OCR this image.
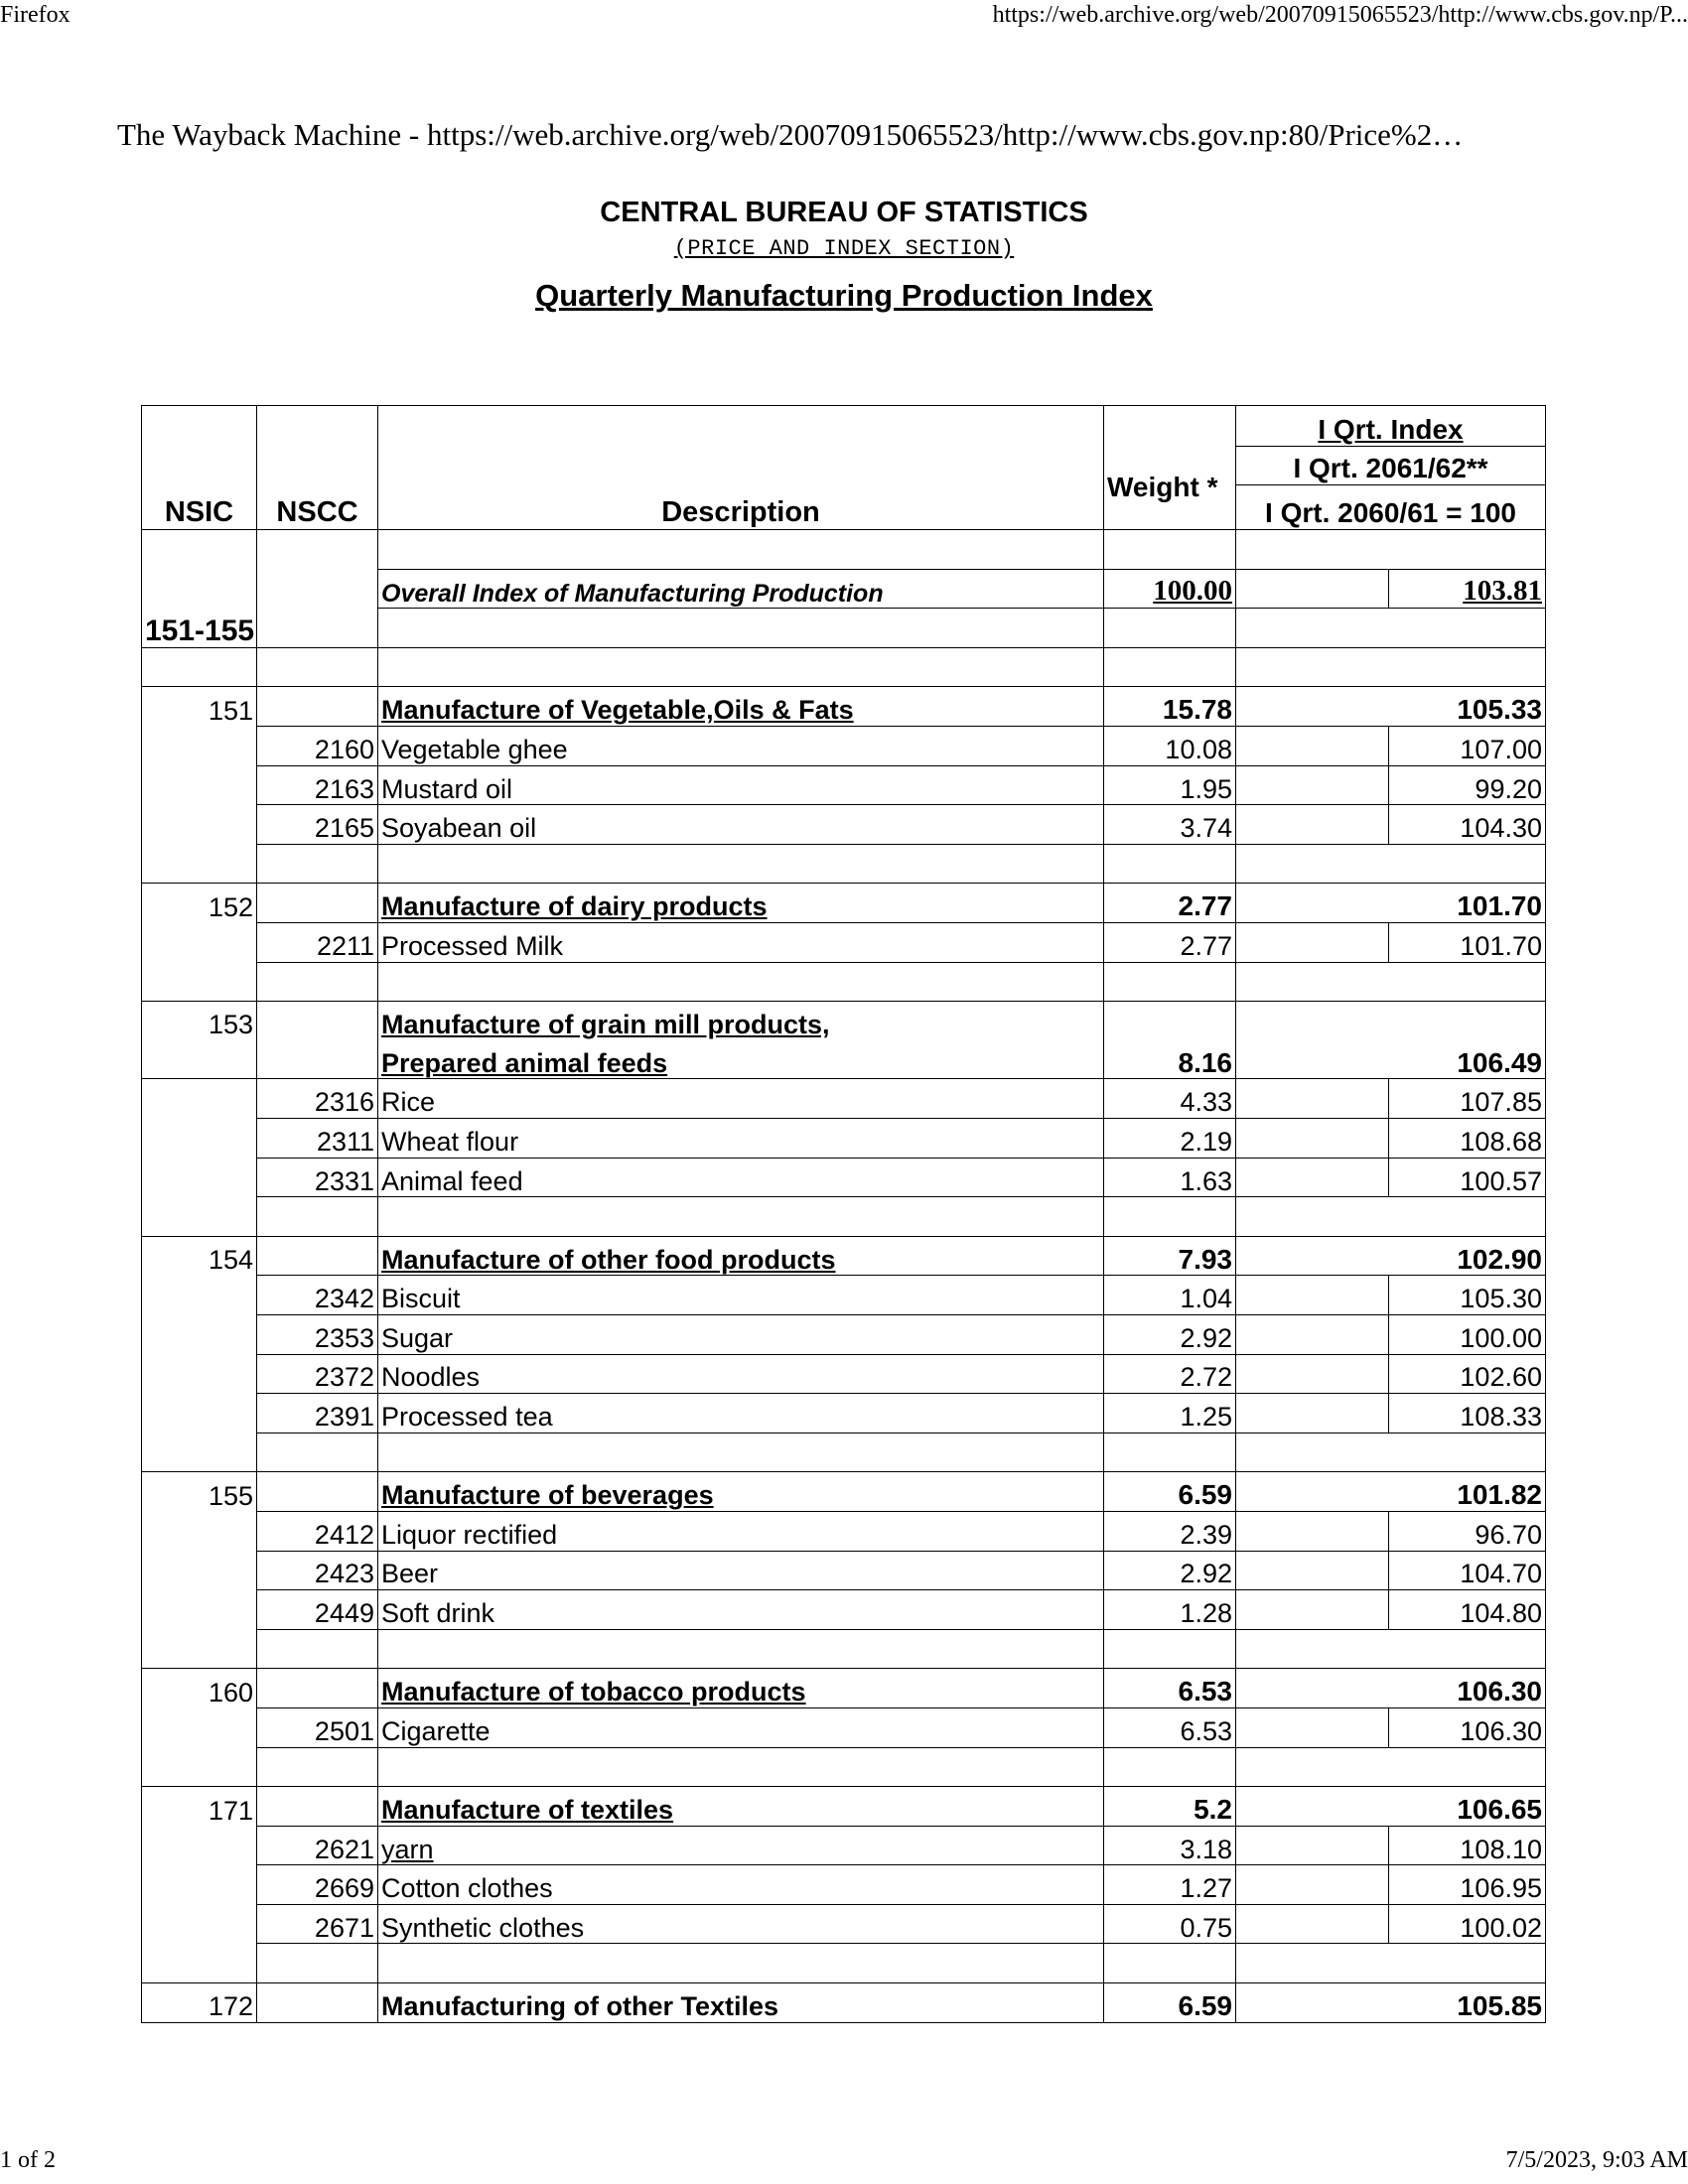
Firefox	https://web.archive.org/web/20070915065523/http://www.cbs.gov.np/P...
The Wayback Machine - https://web.archive.org/web/20070915065523/http://www.cbs.gov.np:80/Price%2…
CENTRAL BUREAU OF STATISTICS
(PRICE AND INDEX SECTION)
Quarterly Manufacturing Production Index
				I Qrt. Index	
NSIC	NSCC	Description	Weight *	I Qrt. 2061/62**	
				I Qrt. 2060/61 = 100	
151-155					
		Overall Index of Manufacturing Production	100.00		103.81

151		Manufacture of Vegetable,Oils & Fats	15.78	105.33	
	2160	Vegetable ghee	10.08		107.00
	2163	Mustard oil	1.95		99.20
	2165	Soyabean oil	3.74		104.30

152		Manufacture of dairy products	2.77	101.70	
	2211	Processed Milk	2.77		101.70

153		Manufacture of grain mill products,			
		Prepared animal feeds	8.16	106.49	
	2316	Rice	4.33		107.85
	2311	Wheat flour	2.19		108.68
	2331	Animal feed	1.63		100.57

154		Manufacture of other food products	7.93	102.90	
	2342	Biscuit	1.04		105.30
	2353	Sugar	2.92		100.00
	2372	Noodles	2.72		102.60
	2391	Processed tea	1.25		108.33

155		Manufacture of beverages	6.59	101.82	
	2412	Liquor rectified	2.39		96.70
	2423	Beer	2.92		104.70
	2449	Soft drink	1.28		104.80

160		Manufacture of tobacco products	6.53	106.30	
	2501	Cigarette	6.53		106.30

171		Manufacture of textiles	5.2	106.65	
	2621	yarn	3.18		108.10
	2669	Cotton clothes	1.27		106.95
	2671	Synthetic clothes	0.75		100.02

172		Manufacturing of other Textiles	6.59	105.85	
1 of 2	7/5/2023, 9:03 AM
